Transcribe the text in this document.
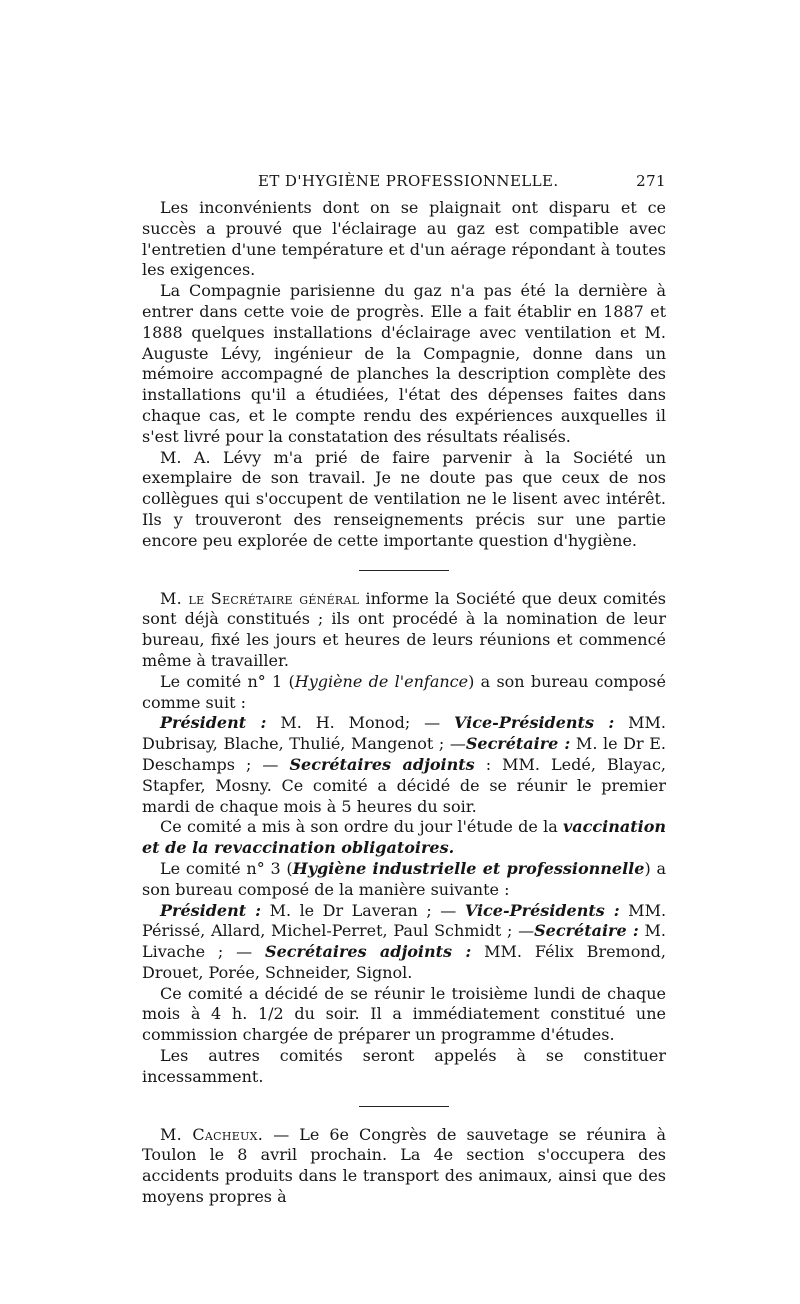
ET D'HYGIÈNE PROFESSIONNELLE.	271

Les inconvénients dont on se plaignait ont disparu et ce succès a prouvé que l'éclairage au gaz est compatible avec l'entretien d'une température et d'un aérage répondant à toutes les exigences.

La Compagnie parisienne du gaz n'a pas été la dernière à entrer dans cette voie de progrès. Elle a fait établir en 1887 et 1888 quelques installations d'éclairage avec ventilation et M. Auguste Lévy, ingénieur de la Compagnie, donne dans un mémoire accompagné de planches la description complète des installations qu'il a étudiées, l'état des dépenses faites dans chaque cas, et le compte rendu des expériences auxquelles il s'est livré pour la constatation des résultats réalisés.

M. A. Lévy m'a prié de faire parvenir à la Société un exemplaire de son travail. Je ne doute pas que ceux de nos collègues qui s'occupent de ventilation ne le lisent avec intérêt. Ils y trouveront des renseignements précis sur une partie encore peu explorée de cette importante question d'hygiène.

M. le Secrétaire général informe la Société que deux comités sont déjà constitués ; ils ont procédé à la nomination de leur bureau, fixé les jours et heures de leurs réunions et commencé même à travailler.

Le comité n° 1 (Hygiène de l'enfance) a son bureau composé comme suit :

Président : M. H. Monod; — Vice-Présidents : MM. Dubrisay, Blache, Thulié, Mangenot ; —Secrétaire : M. le Dr E. Deschamps ; — Secrétaires adjoints : MM. Ledé, Blayac, Stapfer, Mosny. Ce comité a décidé de se réunir le premier mardi de chaque mois à 5 heures du soir.

Ce comité a mis à son ordre du jour l'étude de la vaccination et de la revaccination obligatoires.

Le comité n° 3 (Hygiène industrielle et professionnelle) a son bureau composé de la manière suivante :

Président : M. le Dr Laveran ; — Vice-Présidents : MM. Périssé, Allard, Michel-Perret, Paul Schmidt ; —Secrétaire : M. Livache ; — Secrétaires adjoints : MM. Félix Bremond, Drouet, Porée, Schneider, Signol.

Ce comité a décidé de se réunir le troisième lundi de chaque mois à 4 h. 1/2 du soir. Il a immédiatement constitué une commission chargée de préparer un programme d'études.

Les autres comités seront appelés à se constituer incessamment.

M. Cacheux. — Le 6e Congrès de sauvetage se réunira à Toulon le 8 avril prochain. La 4e section s'occupera des accidents produits dans le transport des animaux, ainsi que des moyens propres à
